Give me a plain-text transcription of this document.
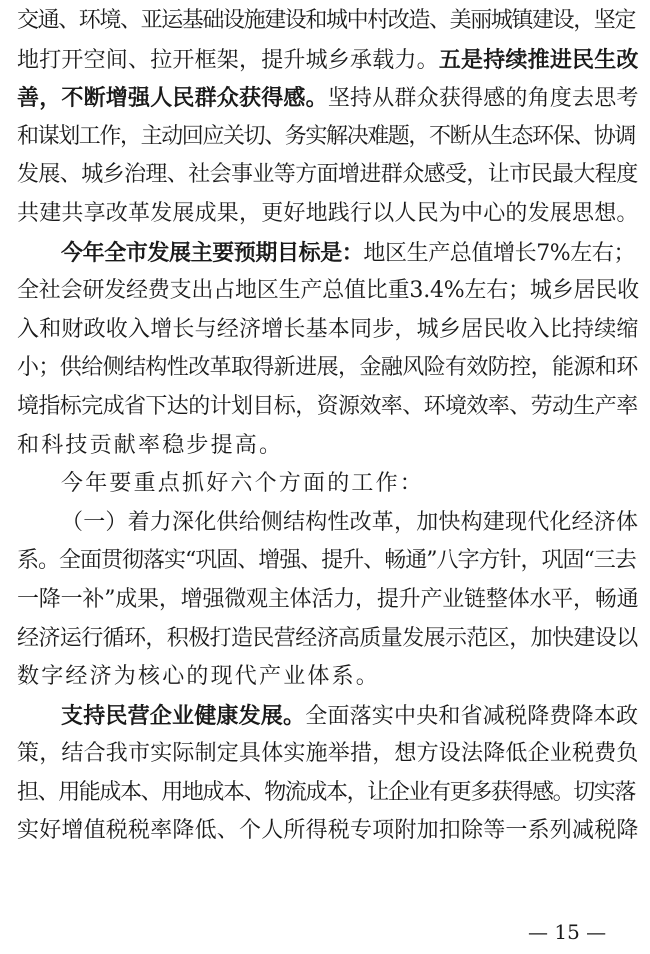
交通、环境、亚运基础设施建设和城中村改造、美丽城镇建设，坚定
地打开空间、拉开框架，提升城乡承载力。五是持续推进民生改
善，不断增强人民群众获得感。坚持从群众获得感的角度去思考
和谋划工作，主动回应关切、务实解决难题，不断从生态环保、协调
发展、城乡治理、社会事业等方面增进群众感受，让市民最大程度
共建共享改革发展成果，更好地践行以人民为中心的发展思想。
今年全市发展主要预期目标是：地区生产总值增长7%左右；
全社会研发经费支出占地区生产总值比重3.4%左右；城乡居民收
入和财政收入增长与经济增长基本同步，城乡居民收入比持续缩
小；供给侧结构性改革取得新进展，金融风险有效防控，能源和环
境指标完成省下达的计划目标，资源效率、环境效率、劳动生产率
和科技贡献率稳步提高。
今年要重点抓好六个方面的工作：
（一）着力深化供给侧结构性改革，加快构建现代化经济体
系。全面贯彻落实“巩固、增强、提升、畅通”八字方针，巩固“三去
一降一补”成果，增强微观主体活力，提升产业链整体水平，畅通
经济运行循环，积极打造民营经济高质量发展示范区，加快建设以
数字经济为核心的现代产业体系。
支持民营企业健康发展。全面落实中央和省减税降费降本政
策，结合我市实际制定具体实施举措，想方设法降低企业税费负
担、用能成本、用地成本、物流成本，让企业有更多获得感。切实落
实好增值税税率降低、个人所得税专项附加扣除等一系列减税降
— 15 —
